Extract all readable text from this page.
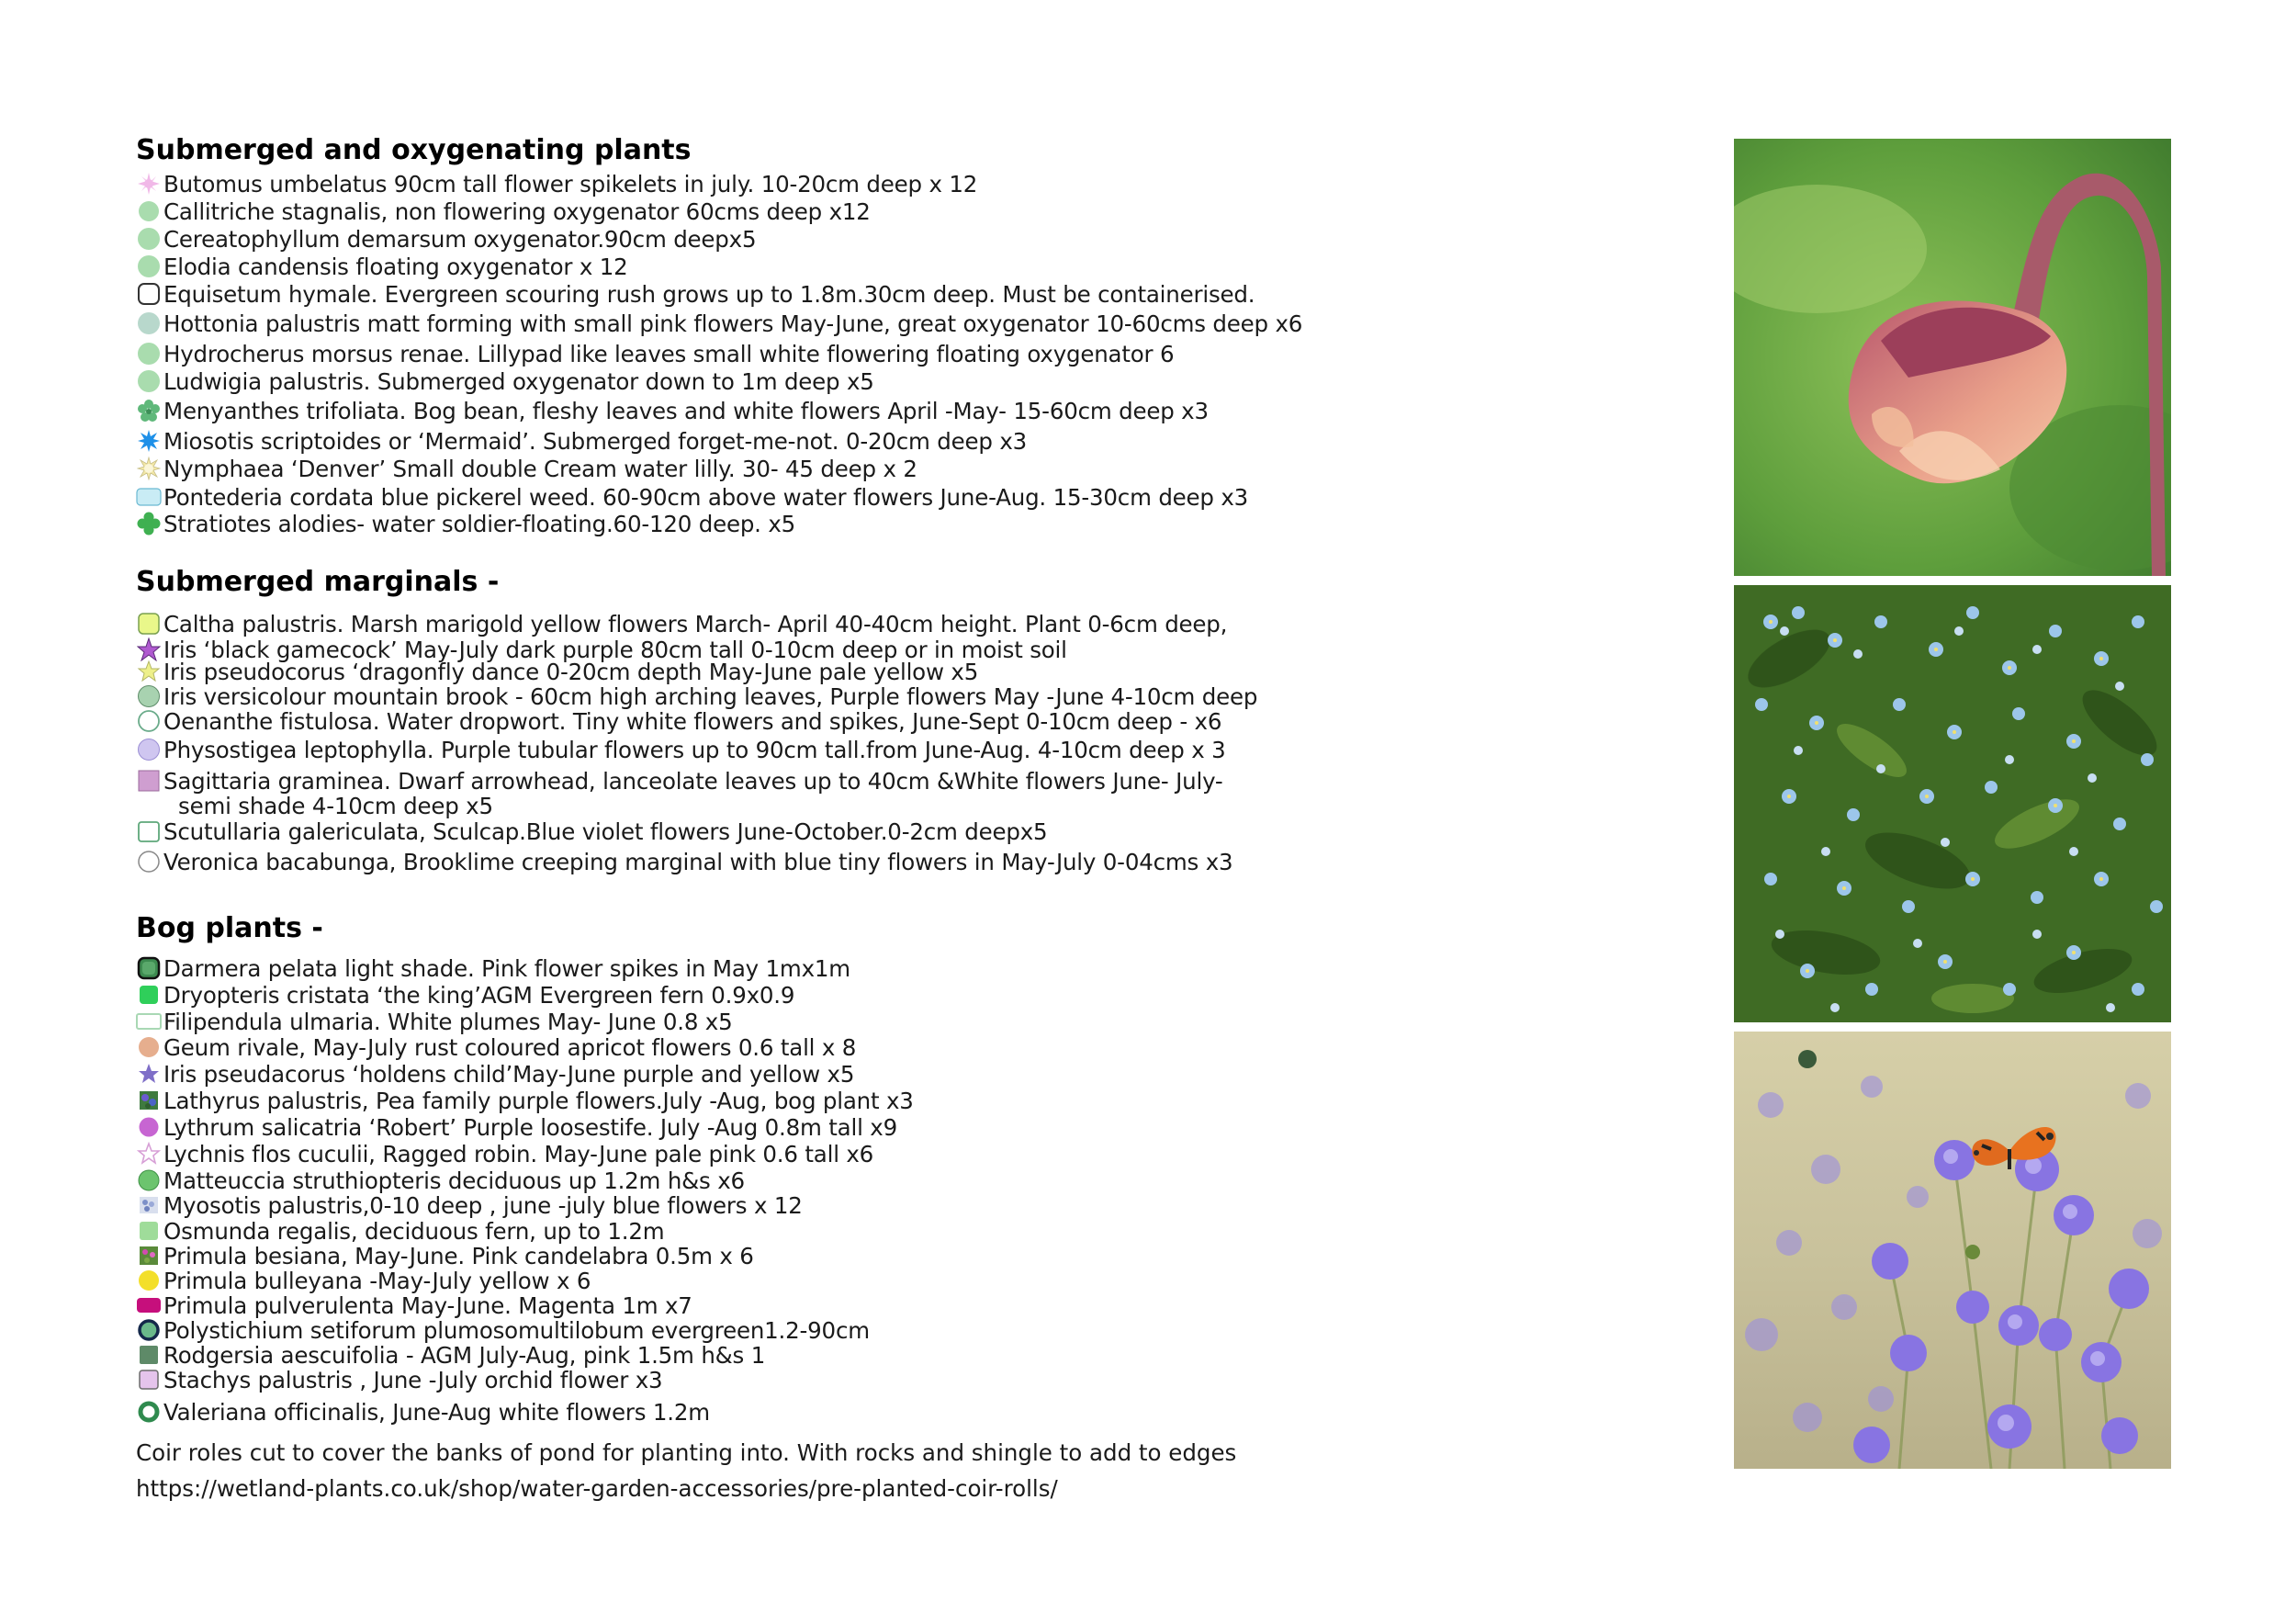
Submerged and oxygenating plants
Butomus umbelatus 90cm tall flower spikelets in july. 10-20cm deep x 12
Callitriche stagnalis, non flowering oxygenator 60cms deep x12
Cereatophyllum demarsum oxygenator.90cm deepx5
Elodia candensis floating oxygenator x 12
Equisetum hymale. Evergreen scouring rush grows up to 1.8m.30cm deep. Must be containerised.
Hottonia palustris matt forming with small pink flowers May-June, great oxygenator 10-60cms deep x6
Hydrocherus morsus renae. Lillypad like leaves small white flowering floating oxygenator 6
Ludwigia palustris. Submerged oxygenator down to 1m deep x5
Menyanthes trifoliata. Bog bean, fleshy leaves and white flowers April -May- 15-60cm deep x3
Miosotis scriptoides or ‘Mermaid’. Submerged forget-me-not. 0-20cm deep x3
Nymphaea ‘Denver’ Small double Cream water lilly. 30- 45 deep x 2
Pontederia cordata blue pickerel weed. 60-90cm above water flowers June-Aug. 15-30cm deep x3
Stratiotes alodies- water soldier-floating.60-120 deep. x5
Submerged marginals -
Caltha palustris. Marsh marigold yellow flowers March- April 40-40cm height. Plant 0-6cm deep,
Iris ‘black gamecock’ May-July dark purple 80cm tall 0-10cm deep or in moist soil
Iris pseudocorus ‘dragonfly dance 0-20cm depth May-June pale yellow x5
Iris versicolour mountain brook - 60cm high arching leaves, Purple flowers May -June 4-10cm deep
Oenanthe fistulosa. Water dropwort. Tiny white flowers and spikes, June-Sept 0-10cm deep - x6
Physostigea leptophylla. Purple tubular flowers up to 90cm tall.from June-Aug. 4-10cm deep x 3
Sagittaria graminea. Dwarf arrowhead, lanceolate leaves up to 40cm &White flowers June- July-
semi shade 4-10cm deep x5
Scutullaria galericulata, Sculcap.Blue violet flowers June-October.0-2cm deepx5
Veronica bacabunga, Brooklime creeping marginal with blue tiny flowers in May-July 0-04cms x3
Bog plants -
Darmera pelata light shade. Pink flower spikes in May 1mx1m
Dryopteris cristata ‘the king’AGM Evergreen fern 0.9x0.9
Filipendula ulmaria. White plumes May- June 0.8 x5
Geum rivale, May-July rust coloured apricot flowers 0.6 tall x 8
Iris pseudacorus ‘holdens child’May-June purple and yellow x5
Lathyrus palustris, Pea family purple flowers.July -Aug, bog plant x3
Lythrum salicatria ‘Robert’ Purple loosestife. July -Aug 0.8m tall x9
Lychnis flos cuculii, Ragged robin. May-June pale pink 0.6 tall x6
Matteuccia struthiopteris deciduous up 1.2m h&s x6
Myosotis palustris,0-10 deep , june -july blue flowers x 12
Osmunda regalis, deciduous fern, up to 1.2m
Primula besiana, May-June. Pink candelabra 0.5m x 6
Primula bulleyana -May-July yellow x 6
Primula pulverulenta May-June. Magenta 1m x7
Polystichium setiforum plumosomultilobum evergreen1.2-90cm
Rodgersia aescuifolia - AGM July-Aug, pink 1.5m h&s 1
Stachys palustris , June -July orchid flower x3
Valeriana officinalis, June-Aug white flowers 1.2m
Coir roles cut to cover the banks of pond for planting into. With rocks and shingle to add to edges
https://wetland-plants.co.uk/shop/water-garden-accessories/pre-planted-coir-rolls/
